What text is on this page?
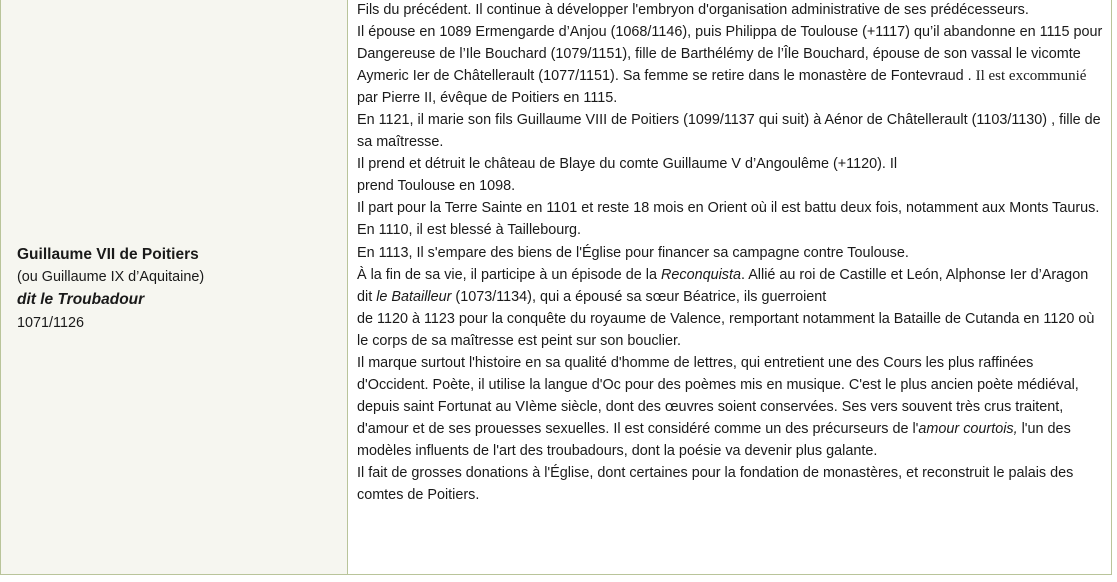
Guillaume VII de Poitiers
(ou Guillaume IX d’Aquitaine)
dit le Troubadour
1071/1126
Fils du précédent. Il continue à développer l'embryon d'organisation administrative de ses prédécesseurs.
Il épouse en 1089 Ermengarde d’Anjou (1068/1146), puis Philippa de Toulouse (+1117) qu’il abandonne en 1115 pour Dangereuse de l’Ile Bouchard (1079/1151), fille de Barthélémy de l’Île Bouchard, épouse de son vassal le vicomte Aymeric Ier de Châtellerault (1077/1151). Sa femme se retire dans le monastère de Fontevraud . Il est excommunié par Pierre II, évêque de Poitiers en 1115.
En 1121, il marie son fils Guillaume VIII de Poitiers (1099/1137 qui suit) à Aénor de Châtellerault (1103/1130) , fille de sa maîtresse.
Il prend et détruit le château de Blaye du comte Guillaume V d’Angoulême (+1120). Il
prend Toulouse en 1098.
Il part pour la Terre Sainte en 1101 et reste 18 mois en Orient où il est battu deux fois, notamment aux Monts Taurus.
En 1110, il est blessé à Taillebourg.
En 1113, Il s'empare des biens de l'Église pour financer sa campagne contre Toulouse.
À la fin de sa vie, il participe à un épisode de la Reconquista. Allié au roi de Castille et León, Alphonse Ier d’Aragon dit le Batailleur (1073/1134), qui a épousé sa sœur Béatrice, ils guerroient
de 1120 à 1123 pour la conquête du royaume de Valence, remportant notamment la Bataille de Cutanda en 1120 où le corps de sa maîtresse est peint sur son bouclier.
Il marque surtout l'histoire en sa qualité d'homme de lettres, qui entretient une des Cours les plus raffinées d'Occident. Poète, il utilise la langue d'Oc pour des poèmes mis en musique. C'est le plus ancien poète médiéval, depuis saint Fortunat au VIème siècle, dont des œuvres soient conservées. Ses vers souvent très crus traitent, d'amour et de ses prouesses sexuelles. Il est considéré comme un des précurseurs de l'amour courtois, l'un des modèles influents de l'art des troubadours, dont la poésie va devenir plus galante.
Il fait de grosses donations à l'Église, dont certaines pour la fondation de monastères, et reconstruit le palais des comtes de Poitiers.
